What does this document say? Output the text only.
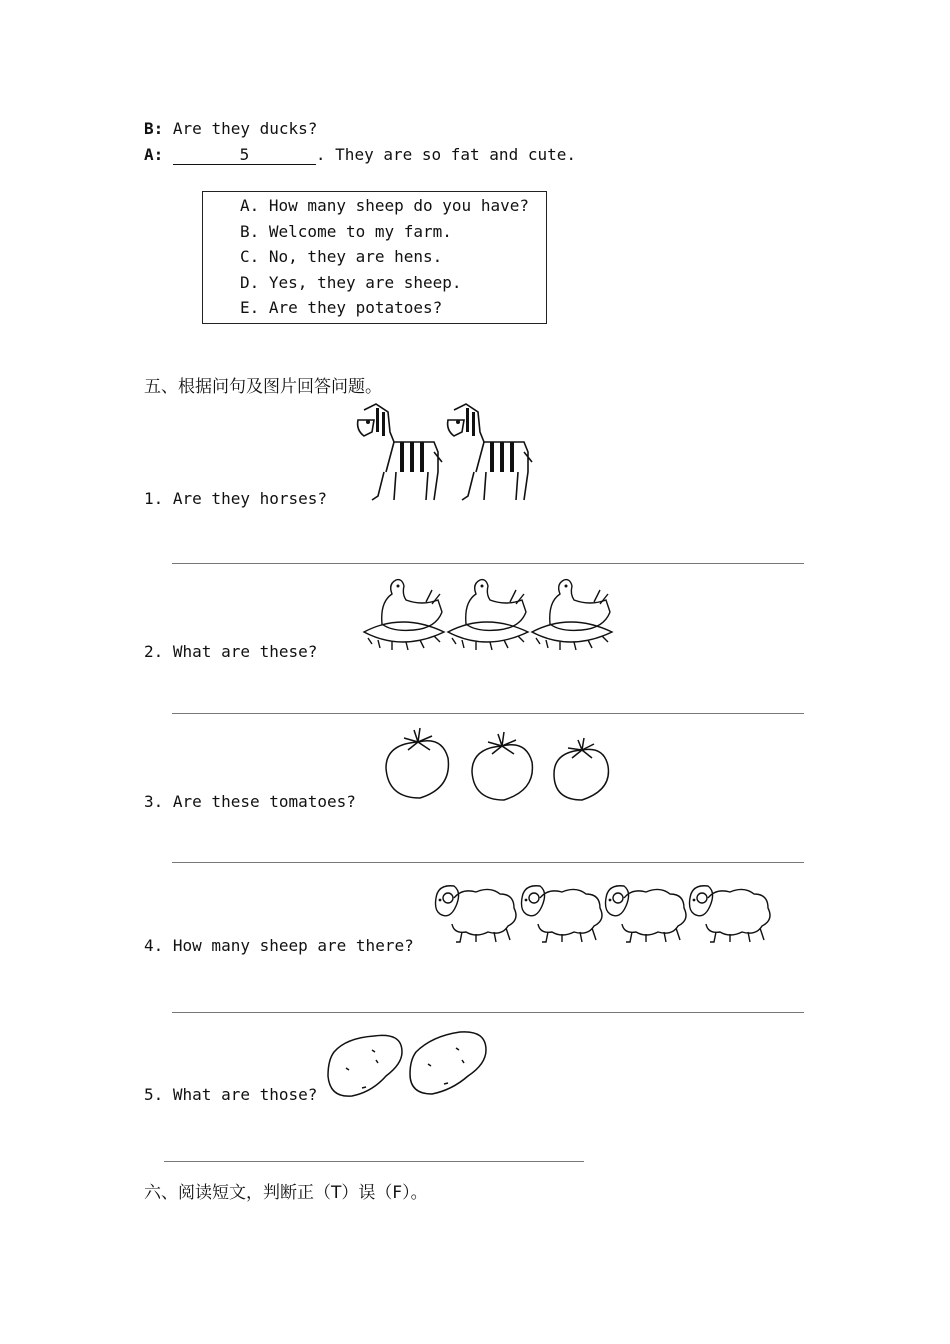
B: Are they ducks?
A:	5	. They are so fat and cute.
A. How many sheep do you have?
B. Welcome to my farm.
C. No, they are hens.
D. Yes, they are sheep.
E. Are they potatoes?
五、根据问句及图片回答问题。
1. Are they horses?
2. What are these?
3. Are these tomatoes?
4. How many sheep are there?
5. What are those?
六、阅读短文，判断正（T）误（F）。
